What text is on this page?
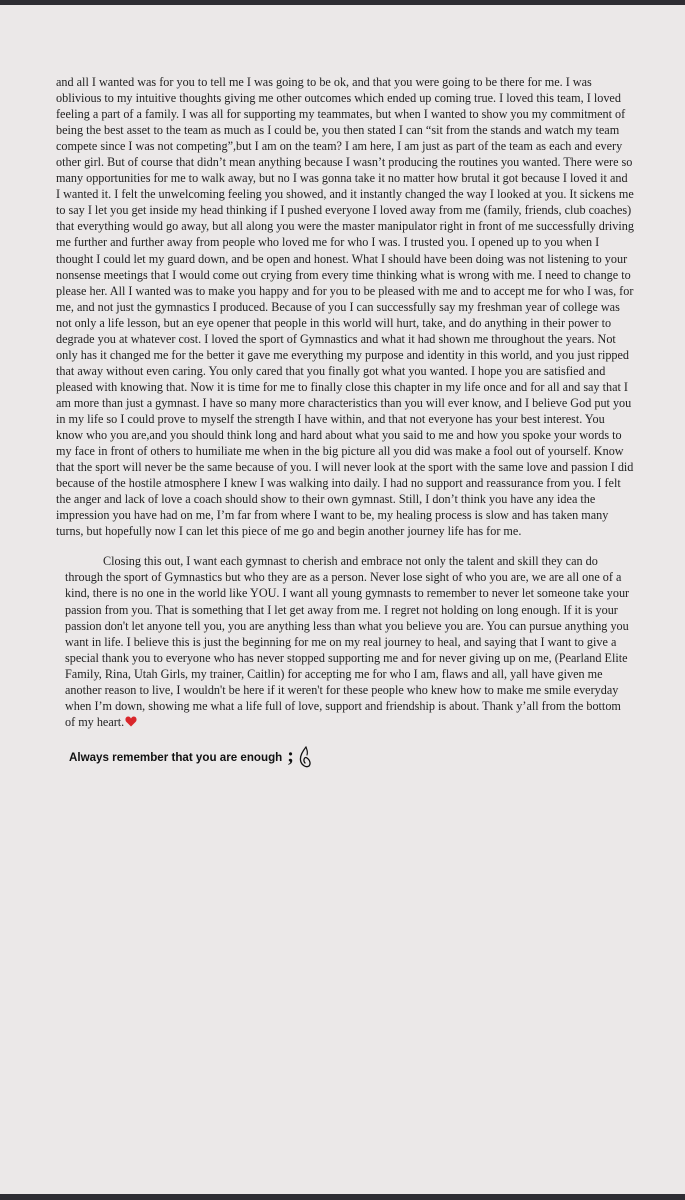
and all I wanted was for you to tell me I was going to be ok, and that you were going to be there for me. I was oblivious to my intuitive thoughts giving me other outcomes which ended up coming true. I loved this team, I loved feeling a part of a family. I was all for supporting my teammates, but when I wanted to show you my commitment of being the best asset to the team as much as I could be, you then stated I can “sit from the stands and watch my team compete since I was not competing”,but I am on the team? I am here, I am just as part of the team as each and every other girl. But of course that didn’t mean anything because I wasn’t producing the routines you wanted. There were so many opportunities for me to walk away, but no I was gonna take it no matter how brutal it got because I loved it and I wanted it. I felt the unwelcoming feeling you showed, and it instantly changed the way I looked at you. It sickens me to say I let you get inside my head thinking if I pushed everyone I loved away from me (family, friends, club coaches) that everything would go away, but all along you were the master manipulator right in front of me successfully driving me further and further away from people who loved me for who I was. I trusted you. I opened up to you when I thought I could let my guard down, and be open and honest. What I should have been doing was not listening to your nonsense meetings that I would come out crying from every time thinking what is wrong with me. I need to change to please her. All I wanted was to make you happy and for you to be pleased with me and to accept me for who I was, for me, and not just the gymnastics I produced. Because of you I can successfully say my freshman year of college was not only a life lesson, but an eye opener that people in this world will hurt, take, and do anything in their power to degrade you at whatever cost. I loved the sport of Gymnastics and what it had shown me throughout the years. Not only has it changed me for the better it gave me everything my purpose and identity in this world, and you just ripped that away without even caring. You only cared that you finally got what you wanted. I hope you are satisfied and pleased with knowing that. Now it is time for me to finally close this chapter in my life once and for all and say that I am more than just a gymnast. I have so many more characteristics than you will ever know, and I believe God put you in my life so I could prove to myself the strength I have within, and that not everyone has your best interest. You know who you are,and you should think long and hard about what you said to me and how you spoke your words to my face in front of others to humiliate me when in the big picture all you did was make a fool out of yourself. Know that the sport will never be the same because of you. I will never look at the sport with the same love and passion I did because of the hostile atmosphere I knew I was walking into daily. I had no support and reassurance from you. I felt the anger and lack of love a coach should show to their own gymnast. Still, I don’t think you have any idea the impression you have had on me, I’m far from where I want to be, my healing process is slow and has taken many turns, but hopefully now I can let this piece of me go and begin another journey life has for me.

Closing this out, I want each gymnast to cherish and embrace not only the talent and skill they can do through the sport of Gymnastics but who they are as a person. Never lose sight of who you are, we are all one of a kind, there is no one in the world like YOU. I want all young gymnasts to remember to never let someone take your passion from you. That is something that I let get away from me. I regret not holding on long enough. If it is your passion don't let anyone tell you, you are anything less than what you believe you are. You can pursue anything you want in life. I believe this is just the beginning for me on my real journey to heal, and saying that I want to give a special thank you to everyone who has never stopped supporting me and for never giving up on me, (Pearland Elite Family, Rina, Utah Girls, my trainer, Caitlin) for accepting me for who I am, flaws and all, yall have given me another reason to live, I wouldn't be here if it weren't for these people who knew how to make me smile everyday when I’m down, showing me what a life full of love, support and friendship is about. Thank y’all from the bottom of my heart.

Always remember that you are enough ;
